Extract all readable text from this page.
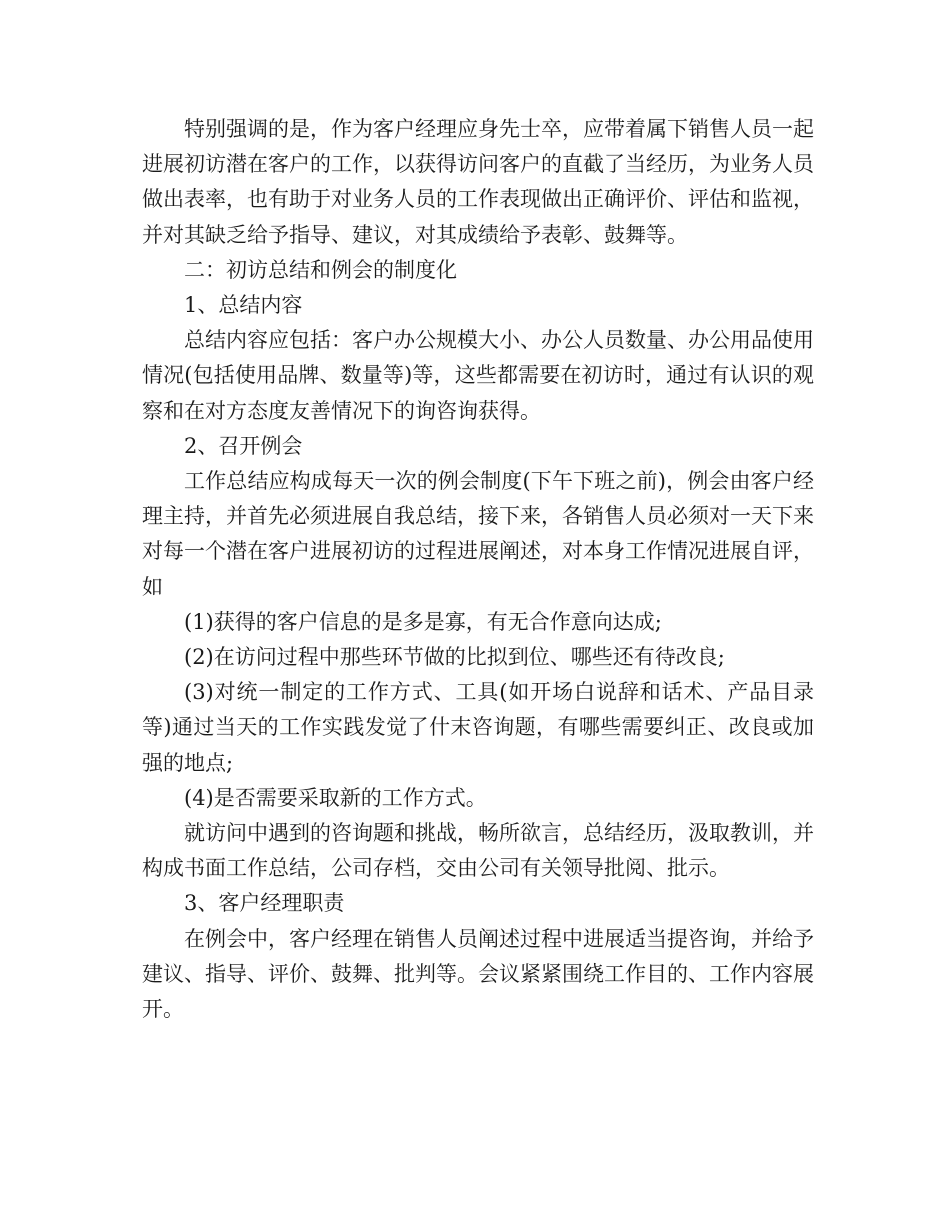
特别强调的是，作为客户经理应身先士卒，应带着属下销售人员一起进展初访潜在客户的工作，以获得访问客户的直截了当经历，为业务人员做出表率，也有助于对业务人员的工作表现做出正确评价、评估和监视，并对其缺乏给予指导、建议，对其成绩给予表彰、鼓舞等。

二：初访总结和例会的制度化

1、总结内容

总结内容应包括：客户办公规模大小、办公人员数量、办公用品使用情况(包括使用品牌、数量等)等，这些都需要在初访时，通过有认识的观察和在对方态度友善情况下的询咨询获得。

2、召开例会

工作总结应构成每天一次的例会制度(下午下班之前)，例会由客户经理主持，并首先必须进展自我总结，接下来，各销售人员必须对一天下来对每一个潜在客户进展初访的过程进展阐述，对本身工作情况进展自评，如

(1)获得的客户信息的是多是寡，有无合作意向达成;

(2)在访问过程中那些环节做的比拟到位、哪些还有待改良;

(3)对统一制定的工作方式、工具(如开场白说辞和话术、产品目录等)通过当天的工作实践发觉了什末咨询题，有哪些需要纠正、改良或加强的地点;

(4)是否需要采取新的工作方式。

就访问中遇到的咨询题和挑战，畅所欲言，总结经历，汲取教训，并构成书面工作总结，公司存档，交由公司有关领导批阅、批示。

3、客户经理职责

在例会中，客户经理在销售人员阐述过程中进展适当提咨询，并给予建议、指导、评价、鼓舞、批判等。会议紧紧围绕工作目的、工作内容展开。
